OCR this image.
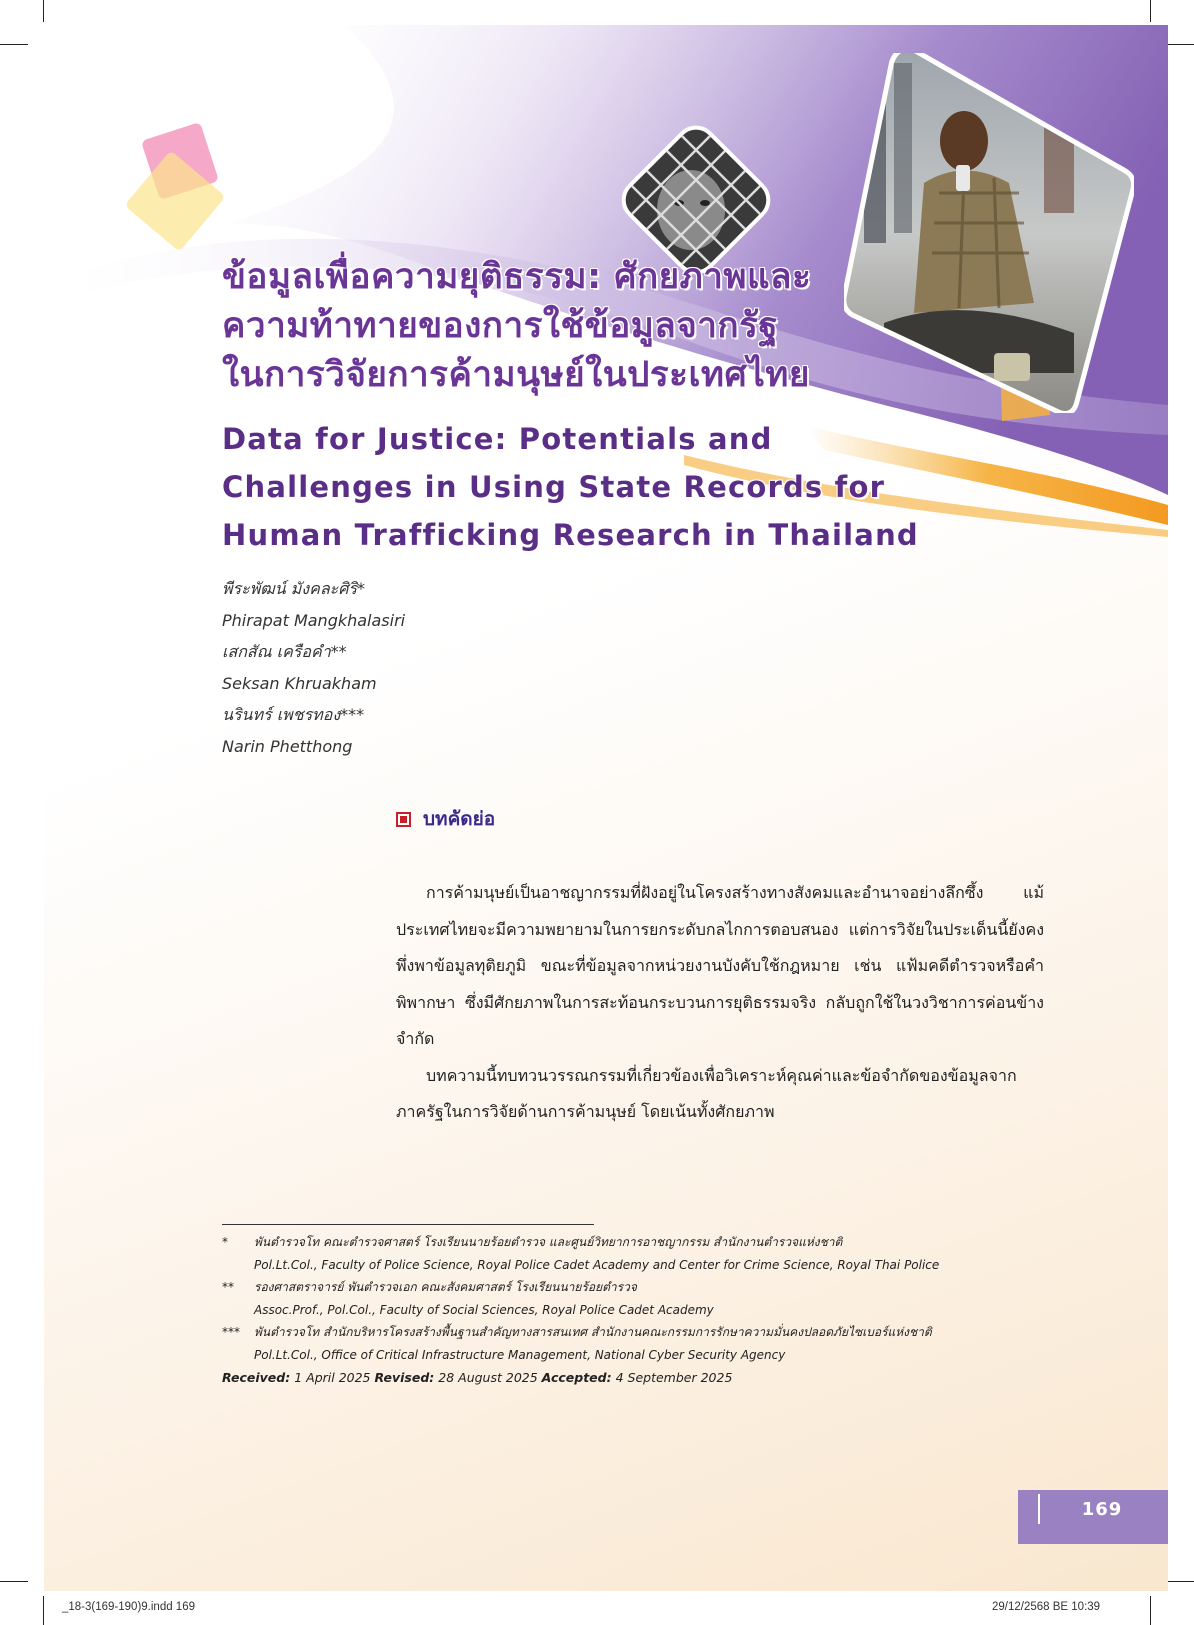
ข้อมูลเพื่อความยุติธรรม: ศักยภาพและ
ความท้าทายของการใช้ข้อมูลจากรัฐ
ในการวิจัยการค้ามนุษย์ในประเทศไทย
Data for Justice: Potentials and
Challenges in Using State Records for
Human Trafficking Research in Thailand
พีระพัฒน์ มังคละศิริ*
Phirapat Mangkhalasiri
เสกสัณ เครือคำ**
Seksan Khruakham
นรินทร์ เพชรทอง***
Narin Phetthong
บทคัดย่อ

การค้ามนุษย์เป็นอาชญากรรมที่ฝังอยู่ในโครงสร้างทางสังคมและอำนาจอย่างลึกซึ้ง แม้ประเทศไทยจะมีความพยายามในการยกระดับกลไกการตอบสนอง แต่การวิจัยในประเด็นนี้ยังคงพึ่งพาข้อมูลทุติยภูมิ ขณะที่ข้อมูลจากหน่วยงานบังคับใช้กฎหมาย เช่น แฟ้มคดีตำรวจหรือคำพิพากษา ซึ่งมีศักยภาพในการสะท้อนกระบวนการยุติธรรมจริง กลับถูกใช้ในวงวิชาการค่อนข้างจำกัด

บทความนี้ทบทวนวรรณกรรมที่เกี่ยวข้องเพื่อวิเคราะห์คุณค่าและข้อจำกัดของข้อมูลจากภาครัฐในการวิจัยด้านการค้ามนุษย์ โดยเน้นทั้งศักยภาพ

*	พันตำรวจโท คณะตำรวจศาสตร์ โรงเรียนนายร้อยตำรวจ และศูนย์วิทยาการอาชญากรรม สำนักงานตำรวจแห่งชาติ
Pol.Lt.Col., Faculty of Police Science, Royal Police Cadet Academy and Center for Crime Science, Royal Thai Police
**	รองศาสตราจารย์ พันตำรวจเอก คณะสังคมศาสตร์ โรงเรียนนายร้อยตำรวจ
Assoc.Prof., Pol.Col., Faculty of Social Sciences, Royal Police Cadet Academy
***	พันตำรวจโท สำนักบริหารโครงสร้างพื้นฐานสำคัญทางสารสนเทศ สำนักงานคณะกรรมการรักษาความมั่นคงปลอดภัยไซเบอร์แห่งชาติ
Pol.Lt.Col., Office of Critical Infrastructure Management, National Cyber Security Agency
Received: 1 April 2025 Revised: 28 August 2025 Accepted: 4 September 2025
169
_18-3(169-190)9.indd 169	29/12/2568 BE 10:39
